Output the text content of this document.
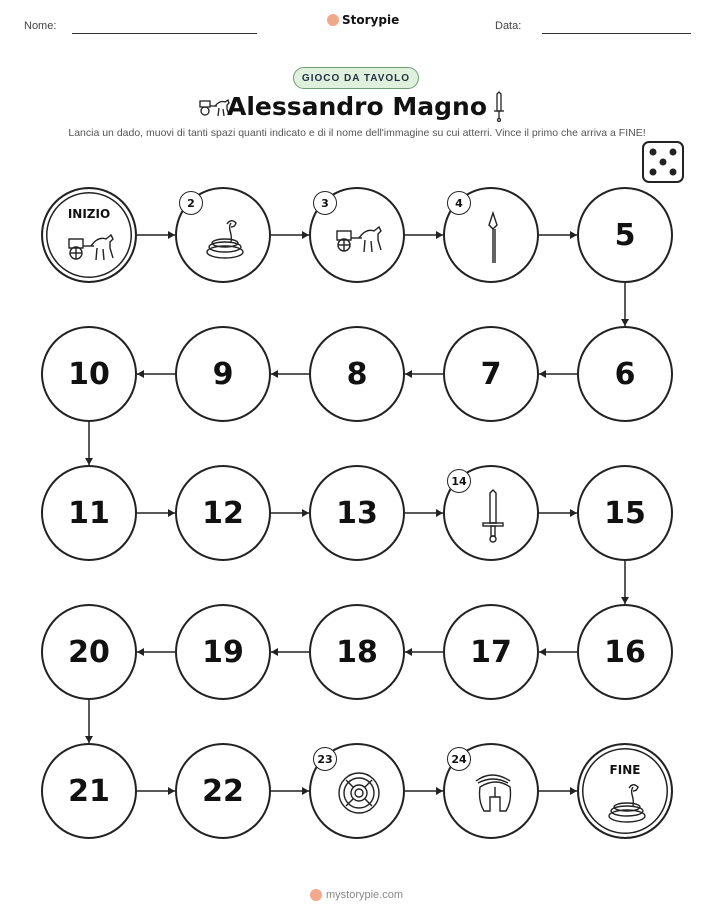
Nome:	Storypie	Data:
GIOCO DA TAVOLO
Alessandro Magno
Lancia un dado, muovi di tanti spazi quanti indicato e di il nome dell'immagine su cui atterri. Vince il primo che arriva a FINE!
INIZIO
2	3	4
5
6
7
8
9
10
11	12	13
14
15
16
17
18
19
20
21	22
23	24
FINE
mystorypie.com
